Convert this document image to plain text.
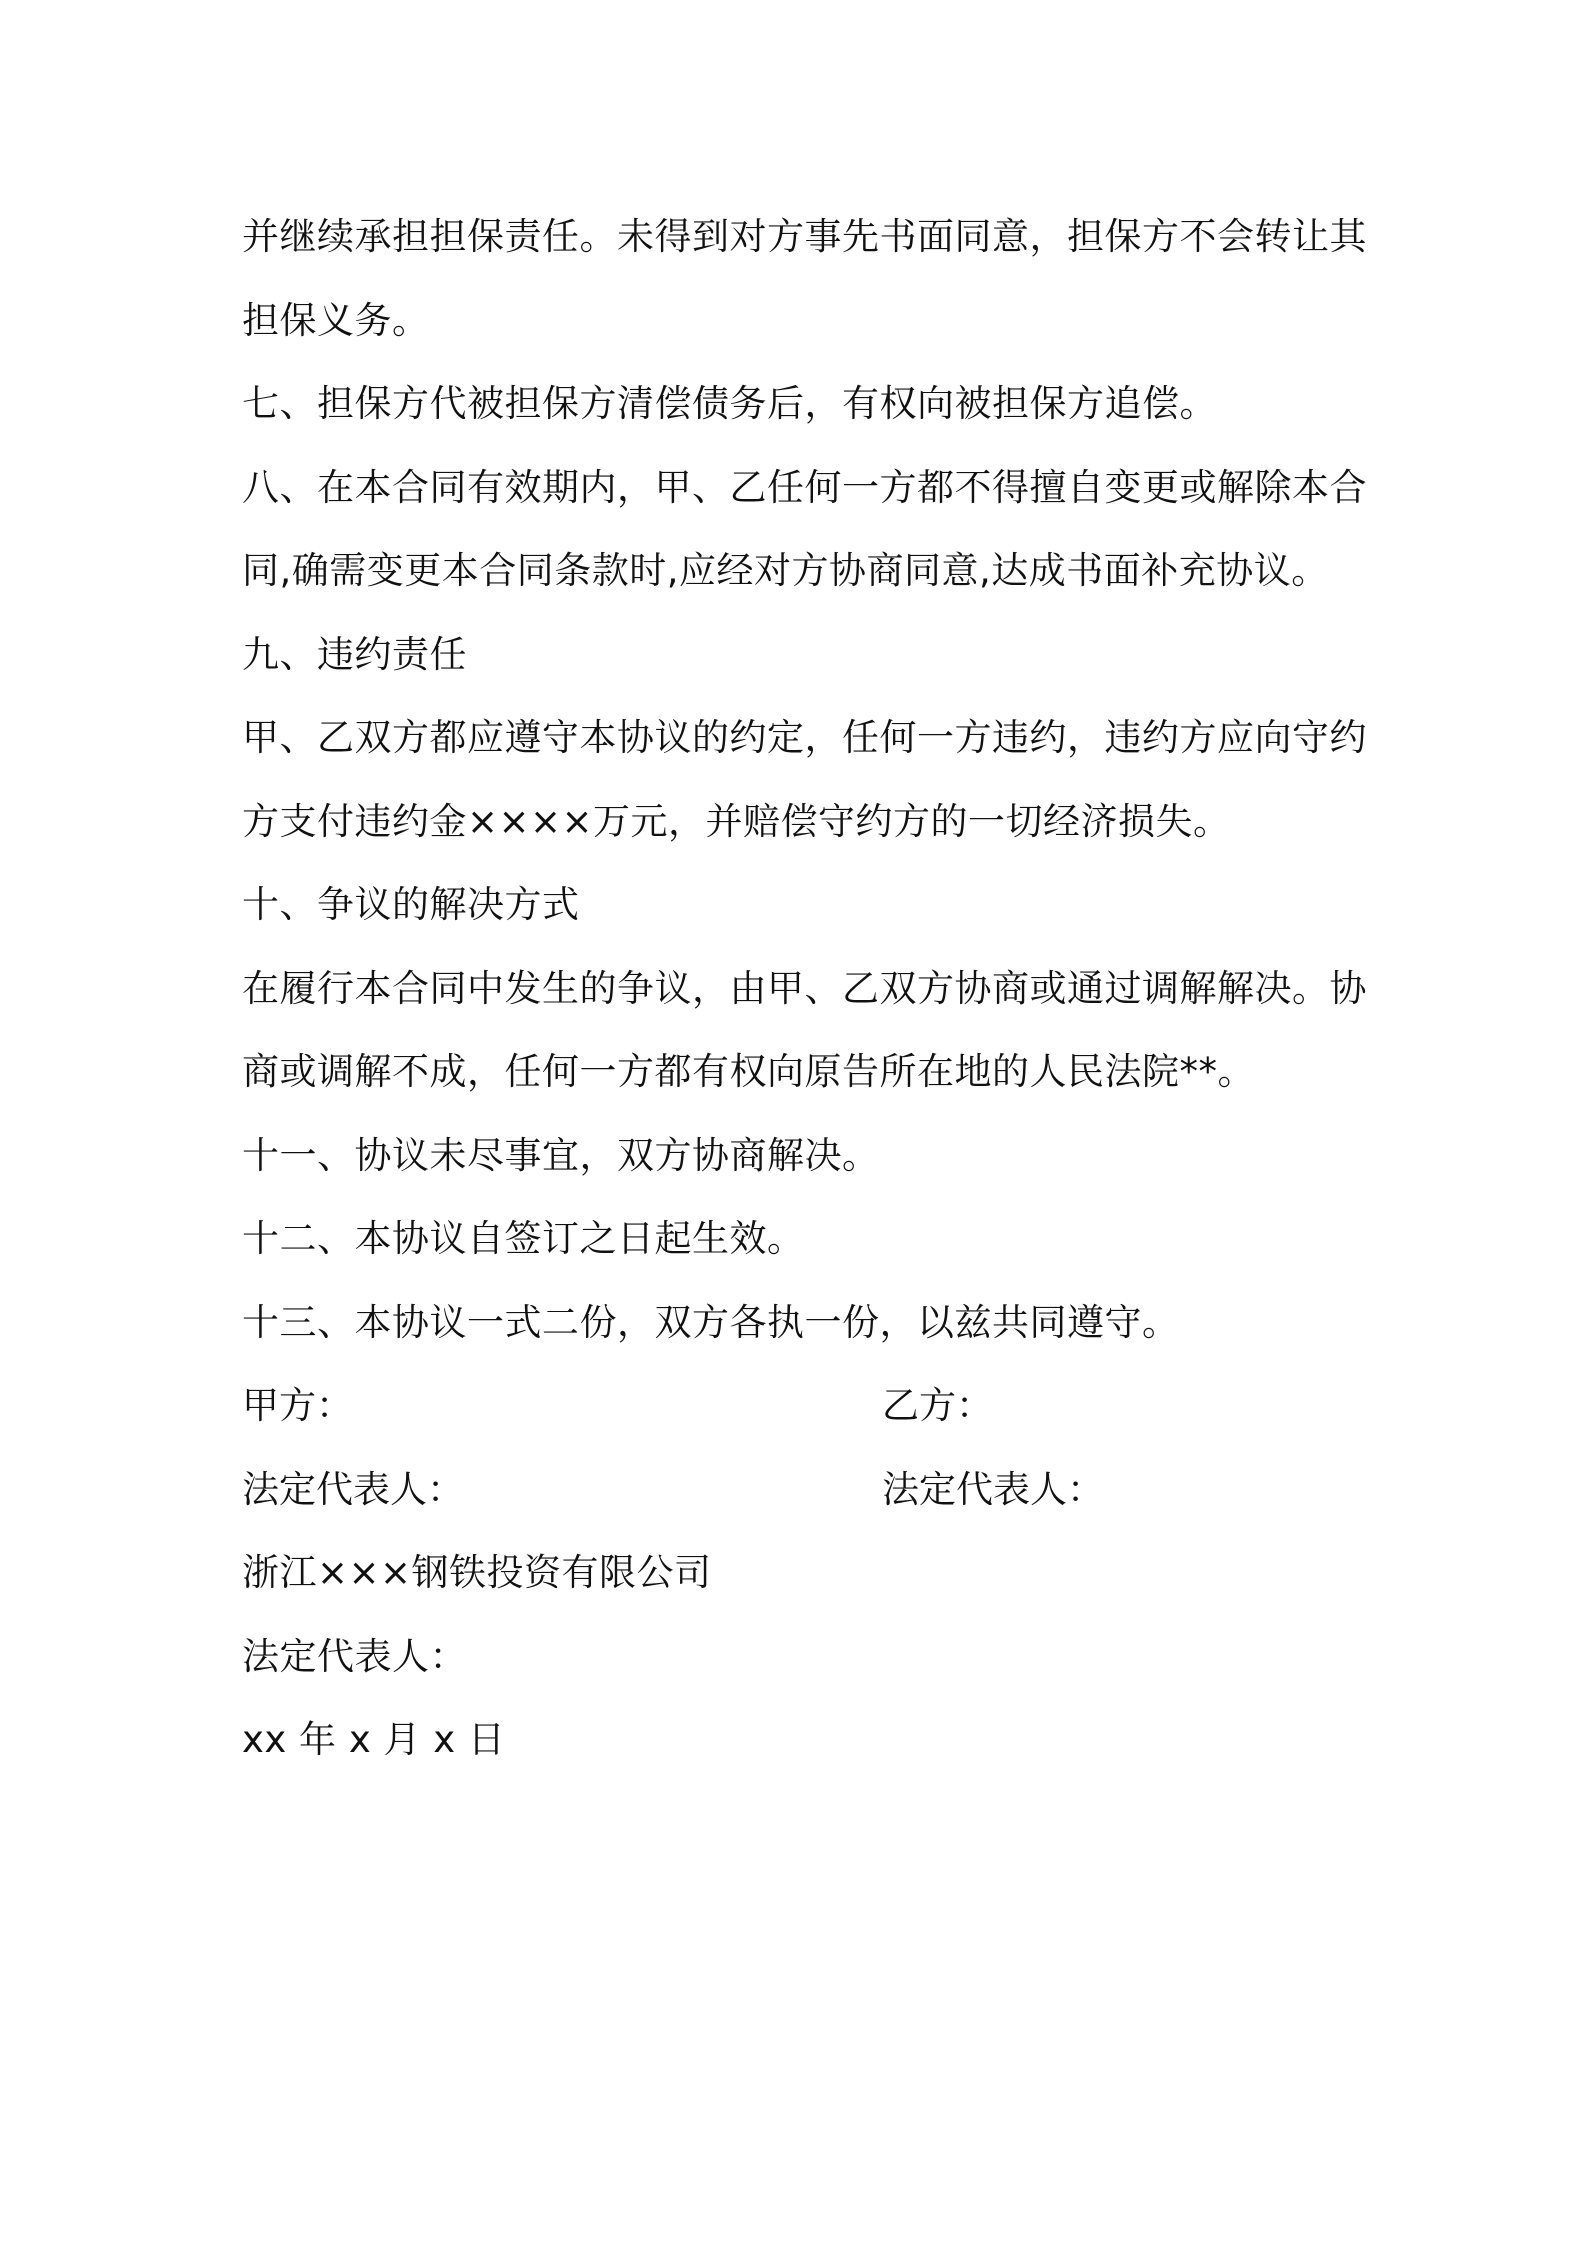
并继续承担担保责任。未得到对方事先书面同意，担保方不会转让其
担保义务。
七、担保方代被担保方清偿债务后，有权向被担保方追偿。
八、在本合同有效期内，甲、乙任何一方都不得擅自变更或解除本合
同,确需变更本合同条款时,应经对方协商同意,达成书面补充协议。
九、违约责任
甲、乙双方都应遵守本协议的约定，任何一方违约，违约方应向守约
方支付违约金××××万元，并赔偿守约方的一切经济损失。
十、争议的解决方式
在履行本合同中发生的争议，由甲、乙双方协商或通过调解解决。协
商或调解不成，任何一方都有权向原告所在地的人民法院**。
十一、协议未尽事宜，双方协商解决。
十二、本协议自签订之日起生效。
十三、本协议一式二份，双方各执一份，以兹共同遵守。
甲方：	乙方：
法定代表人：	法定代表人：
浙江×××钢铁投资有限公司
法定代表人：
xx 年 x 月 x 日
